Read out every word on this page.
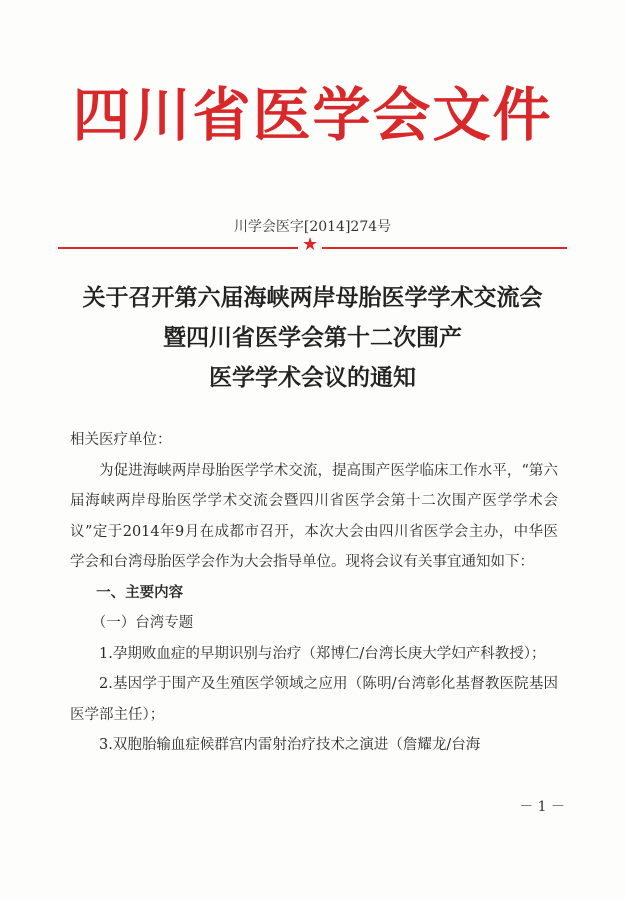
四川省医学会文件
川学会医字[2014]274号
★
关于召开第六届海峡两岸母胎医学学术交流会
暨四川省医学会第十二次围产
医学学术会议的通知

相关医疗单位：

为促进海峡两岸母胎医学学术交流，提高围产医学临床工作水平，“第六届海峡两岸母胎医学学术交流会暨四川省医学会第十二次围产医学学术会议”定于2014年9月在成都市召开，本次大会由四川省医学会主办，中华医学会和台湾母胎医学会作为大会指导单位。现将会议有关事宜通知如下：

一、主要内容

（一）台湾专题

1.孕期败血症的早期识别与治疗（郑博仁/台湾长庚大学妇产科教授）；

2.基因学于围产及生殖医学领域之应用（陈明/台湾彰化基督教医院基因医学部主任）；

3.双胞胎输血症候群宫内雷射治疗技术之演进（詹耀龙/台海

－ 1 －
